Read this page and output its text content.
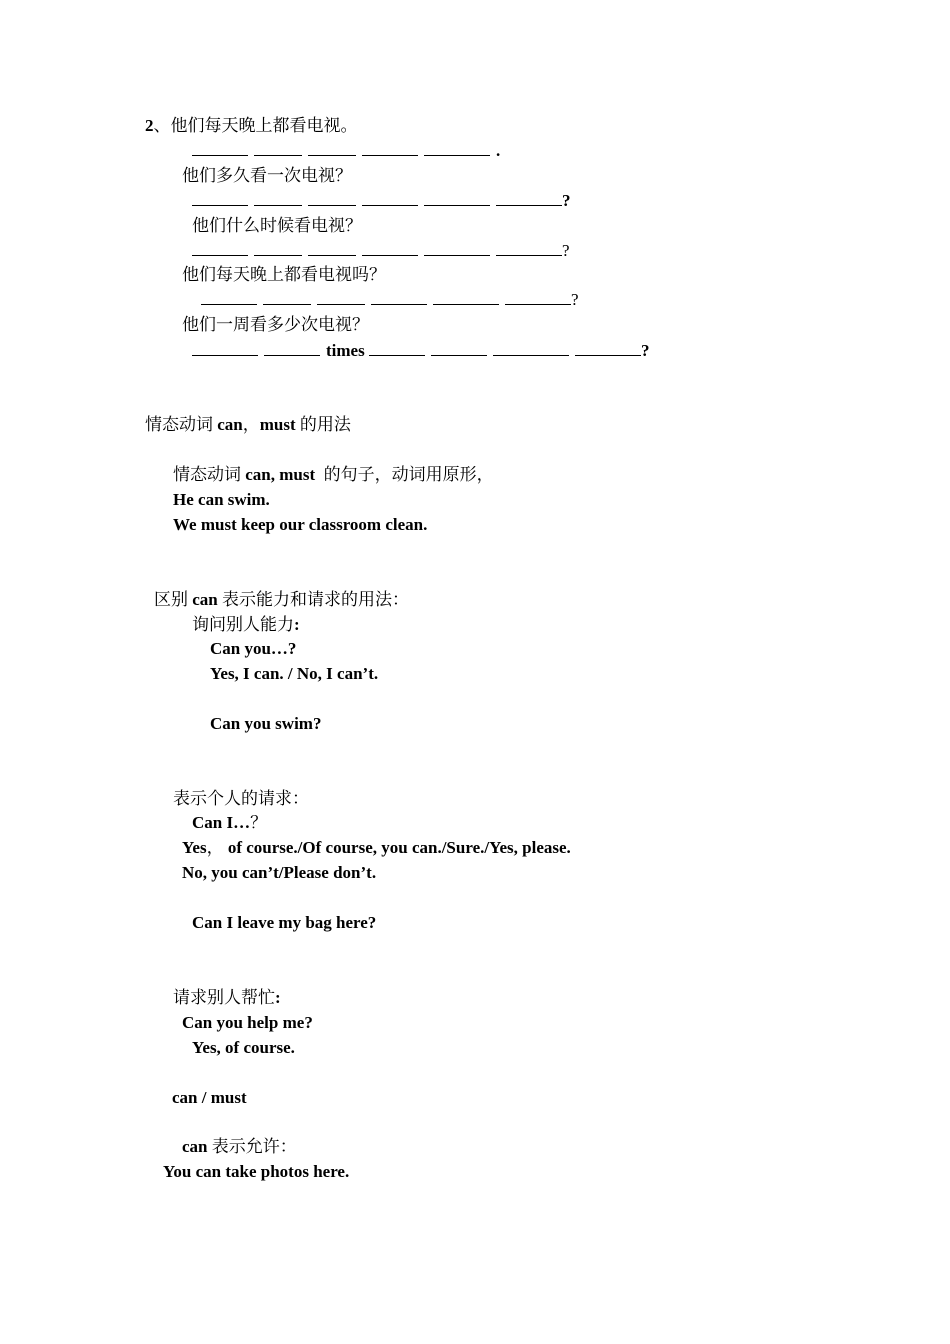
2、他们每天晚上都看电视。
.
他们多久看一次电视？
?
他们什么时候看电视？
?
他们每天晚上都看电视吗？
?
他们一周看多少次电视？
times	?
情态动词 can，must 的用法
情态动词 can, must  的句子，动词用原形，
He can swim.
We must keep our classroom clean.
区别 can 表示能力和请求的用法：
询问别人能力:
Can you…?
Yes, I can. / No, I can’t.
Can you swim?
表示个人的请求：
Can I…？
Yes， of course./Of course, you can./Sure./Yes, please.
No, you can’t/Please don’t.
Can I leave my bag here?
请求别人帮忙:
Can you help me?
Yes, of course.
can / must
can 表示允许：
You can take photos here.
